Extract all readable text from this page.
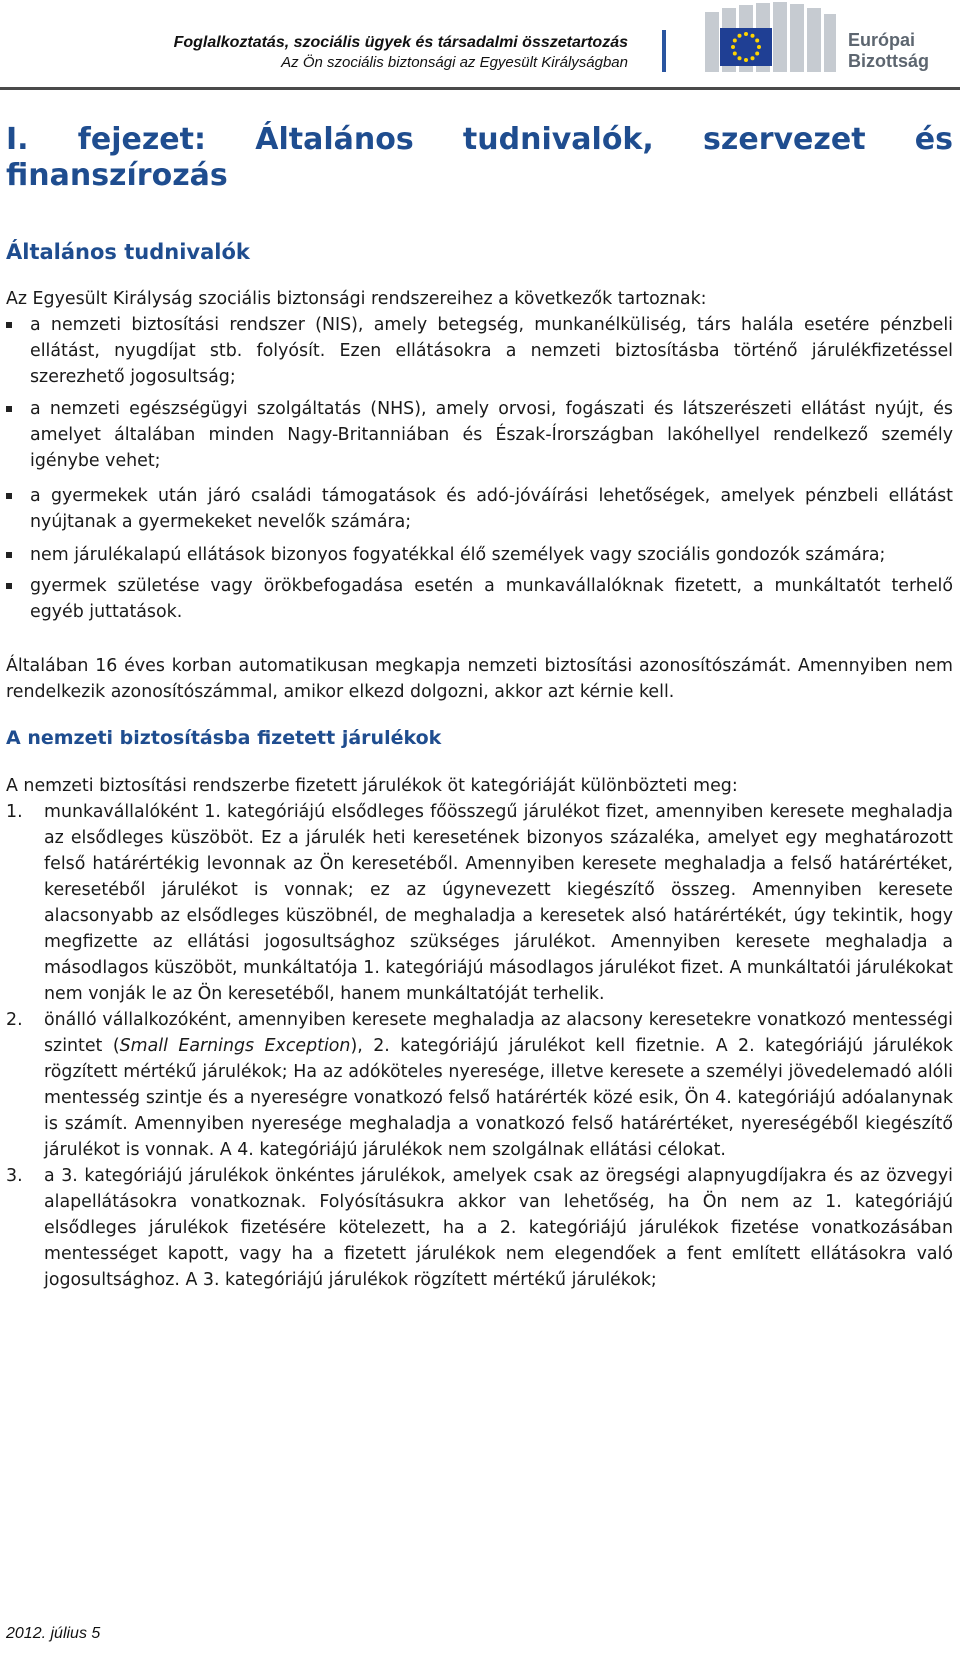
Foglalkoztatás, szociális ügyek és társadalmi összetartozás
Az Ön szociális biztonsági az Egyesült Királyságban
Európai
Bizottság
I. fejezet: Általános tudnivalók, szervezet és finanszírozás
Általános tudnivalók

Az Egyesült Királyság szociális biztonsági rendszereihez a következők tartoznak:

a nemzeti biztosítási rendszer (NIS), amely betegség, munkanélküliség, társ halála esetére pénzbeli ellátást, nyugdíjat stb. folyósít. Ezen ellátásokra a nemzeti biztosításba történő járulékfizetéssel szerezhető jogosultság;
a nemzeti egészségügyi szolgáltatás (NHS), amely orvosi, fogászati és látszerészeti ellátást nyújt, és amelyet általában minden Nagy-Britanniában és Észak-Írországban lakóhellyel rendelkező személy igénybe vehet;
a gyermekek után járó családi támogatások és adó-jóváírási lehetőségek, amelyek pénzbeli ellátást nyújtanak a gyermekeket nevelők számára;
nem járulékalapú ellátások bizonyos fogyatékkal élő személyek vagy szociális gondozók számára;
gyermek születése vagy örökbefogadása esetén a munkavállalóknak fizetett, a munkáltatót terhelő egyéb juttatások.

Általában 16 éves korban automatikusan megkapja nemzeti biztosítási azonosítószámát. Amennyiben nem rendelkezik azonosítószámmal, amikor elkezd dolgozni, akkor azt kérnie kell.

A nemzeti biztosításba fizetett járulékok

A nemzeti biztosítási rendszerbe fizetett járulékok öt kategóriáját különbözteti meg:

1. munkavállalóként 1. kategóriájú elsődleges főösszegű járulékot fizet, amennyiben keresete meghaladja az elsődleges küszöböt. Ez a járulék heti keresetének bizonyos százaléka, amelyet egy meghatározott felső határértékig levonnak az Ön keresetéből. Amennyiben keresete meghaladja a felső határértéket, keresetéből járulékot is vonnak; ez az úgynevezett kiegészítő összeg. Amennyiben keresete alacsonyabb az elsődleges küszöbnél, de meghaladja a keresetek alsó határértékét, úgy tekintik, hogy megfizette az ellátási jogosultsághoz szükséges járulékot. Amennyiben keresete meghaladja a másodlagos küszöböt, munkáltatója 1. kategóriájú másodlagos járulékot fizet. A munkáltatói járulékokat nem vonják le az Ön keresetéből, hanem munkáltatóját terhelik.
2. önálló vállalkozóként, amennyiben keresete meghaladja az alacsony keresetekre vonatkozó mentességi szintet (Small Earnings Exception), 2. kategóriájú járulékot kell fizetnie. A 2. kategóriájú járulékok rögzített mértékű járulékok; Ha az adóköteles nyeresége, illetve keresete a személyi jövedelemadó alóli mentesség szintje és a nyereségre vonatkozó felső határérték közé esik, Ön 4. kategóriájú adóalanynak is számít. Amennyiben nyeresége meghaladja a vonatkozó felső határértéket, nyereségéből kiegészítő járulékot is vonnak. A 4. kategóriájú járulékok nem szolgálnak ellátási célokat.
3. a 3. kategóriájú járulékok önkéntes járulékok, amelyek csak az öregségi alapnyugdíjakra és az özvegyi alapellátásokra vonatkoznak. Folyósításukra akkor van lehetőség, ha Ön nem az 1. kategóriájú elsődleges járulékok fizetésére kötelezett, ha a 2. kategóriájú járulékok fizetése vonatkozásában mentességet kapott, vagy ha a fizetett járulékok nem elegendőek a fent említett ellátásokra való jogosultsághoz. A 3. kategóriájú járulékok rögzített mértékű járulékok;
2012. július 5
